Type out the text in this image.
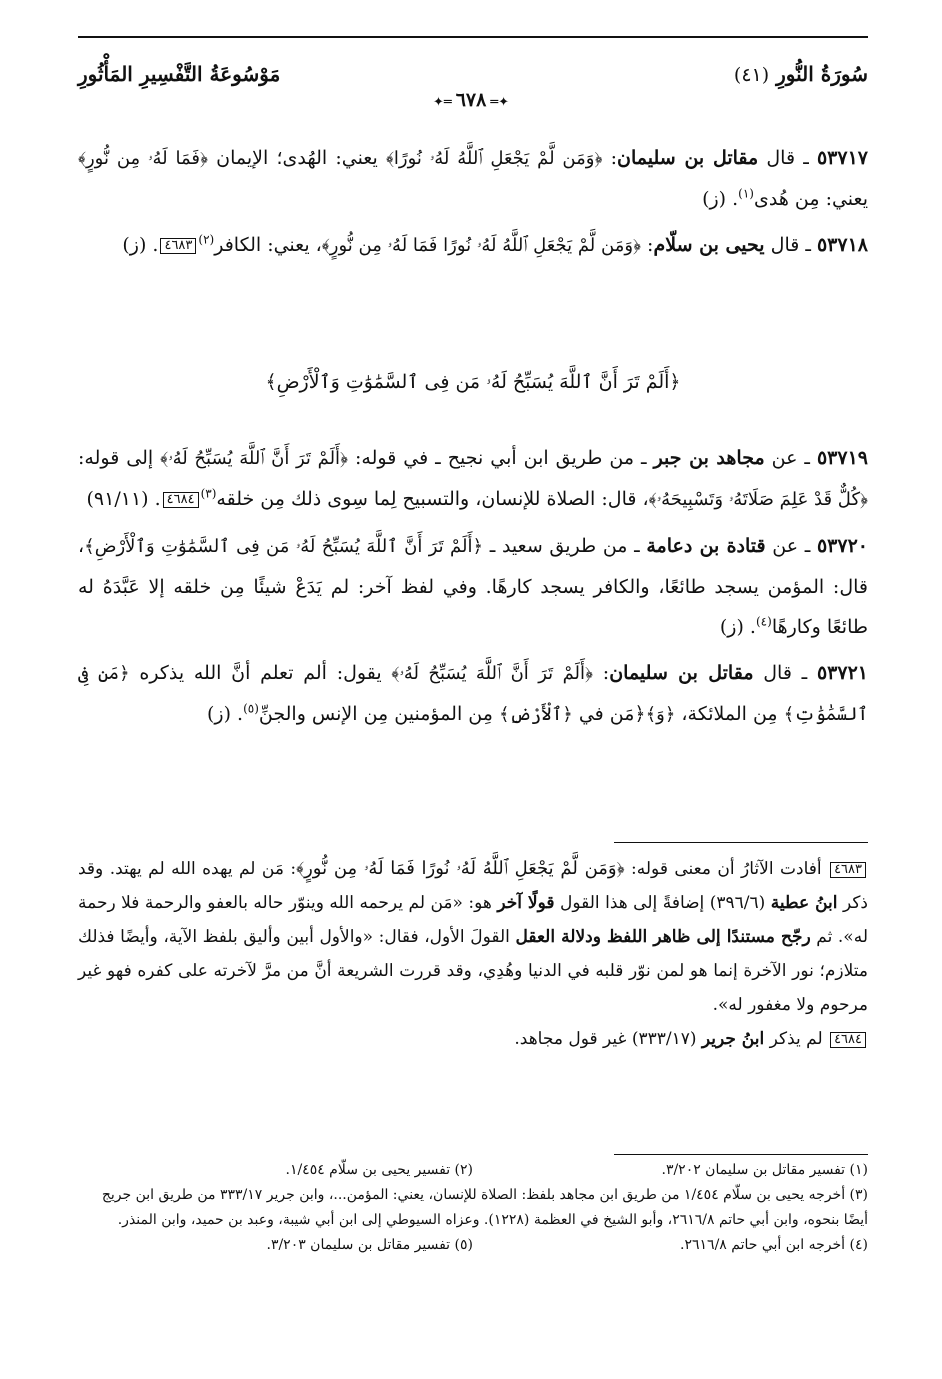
سُورَةُ النُّورِ (٤١)
مَوْسُوعَةُ التَّفْسِيرِ المَأْثُورِ
✦═ ٦٧٨ ═✦

٥٣٧١٧ ـ قال مقاتل بن سليمان: ﴿وَمَن لَّمْ يَجْعَلِ ٱللَّهُ لَهُۥ نُورًا﴾ يعني: الهُدى؛ الإيمان ﴿فَمَا لَهُۥ مِن نُّورٍ﴾ يعني: مِن هُدى$^{(١)}$. (ز)

٥٣٧١٨ ـ قال يحيى بن سلّام: ﴿وَمَن لَّمْ يَجْعَلِ ٱللَّهُ لَهُۥ نُورًا فَمَا لَهُۥ مِن نُّورٍ﴾، يعني: الكافر$^{(٢)}$٤٦٨٣. (ز)

﴿أَلَمْ تَرَ أَنَّ ٱللَّهَ يُسَبِّحُ لَهُۥ مَن فِى ٱلسَّمَٰوَٰتِ وَٱلْأَرْضِ﴾

٥٣٧١٩ ـ عن مجاهد بن جبر ـ من طريق ابن أبي نجيح ـ في قوله: ﴿أَلَمْ تَرَ أَنَّ ٱللَّهَ يُسَبِّحُ لَهُۥ﴾ إلى قوله: ﴿كُلٌّ قَدْ عَلِمَ صَلَاتَهُۥ وَتَسْبِيحَهُۥ﴾، قال: الصلاة للإنسان، والتسبيح لِما سِوى ذلك مِن خلقه$^{(٣)}$٤٦٨٤. (٩١/١١)

٥٣٧٢٠ ـ عن قتادة بن دعامة ـ من طريق سعيد ـ ﴿أَلَمْ تَرَ أَنَّ ٱللَّهَ يُسَبِّحُ لَهُۥ مَن فِى ٱلسَّمَٰوَٰتِ وَٱلْأَرْضِ﴾، قال: المؤمن يسجد طائعًا، والكافر يسجد كارهًا. وفي لفظ آخر: لم يَدَعْ شيئًا مِن خلقه إلا عَبَّدَهُ له طائعًا وكارهًا$^{(٤)}$. (ز)

٥٣٧٢١ ـ قال مقاتل بن سليمان: ﴿أَلَمْ تَرَ أَنَّ ٱللَّهَ يُسَبِّحُ لَهُۥ﴾ يقول: ألم تعلم أنَّ الله يذكره ﴿مَن فِى ٱلسَّمَٰوَٰتِ﴾ مِن الملائكة، ﴿وَ﴾﴿مَن في ﴿ٱلْأَرْضِ﴾ مِن المؤمنين مِن الإنس والجنِّ$^{(٥)}$. (ز)

٤٦٨٣ أفادت الآثارُ أن معنى قوله: ﴿وَمَن لَّمْ يَجْعَلِ ٱللَّهُ لَهُۥ نُورًا فَمَا لَهُۥ مِن نُّورٍ﴾: مَن لم يهده الله لم يهتد. وقد ذكر ابنُ عطية (٣٩٦/٦) إضافةً إلى هذا القول قولًا آخر هو: «مَن لم يرحمه الله وينوّر حاله بالعفو والرحمة فلا رحمة له». ثم رجّح مستندًا إلى ظاهر اللفظ ودلالة العقل القولَ الأول، فقال: «والأول أبين وأليق بلفظ الآية، وأيضًا فذلك متلازم؛ نور الآخرة إنما هو لمن نوّر قلبه في الدنيا وهُدِي، وقد قررت الشريعة أنَّ من مرَّ لآخرته على كفره فهو غير مرحوم ولا مغفور له».

٤٦٨٤ لم يذكر ابنُ جرير (٣٣٣/١٧) غير قول مجاهد.

(١) تفسير مقاتل بن سليمان ٣/٢٠٢.
(٢) تفسير يحيى بن سلّام ١/٤٥٤.

(٣) أخرجه يحيى بن سلّام ١/٤٥٤ من طريق ابن مجاهد بلفظ: الصلاة للإنسان، يعني: المؤمن...، وابن جرير ٣٣٣/١٧ من طريق ابن جريج أيضًا بنحوه، وابن أبي حاتم ٢٦١٦/٨، وأبو الشيخ في العظمة (١٢٢٨). وعزاه السيوطي إلى ابن أبي شيبة، وعبد بن حميد، وابن المنذر.

(٤) أخرجه ابن أبي حاتم ٢٦١٦/٨.
(٥) تفسير مقاتل بن سليمان ٣/٢٠٣.
